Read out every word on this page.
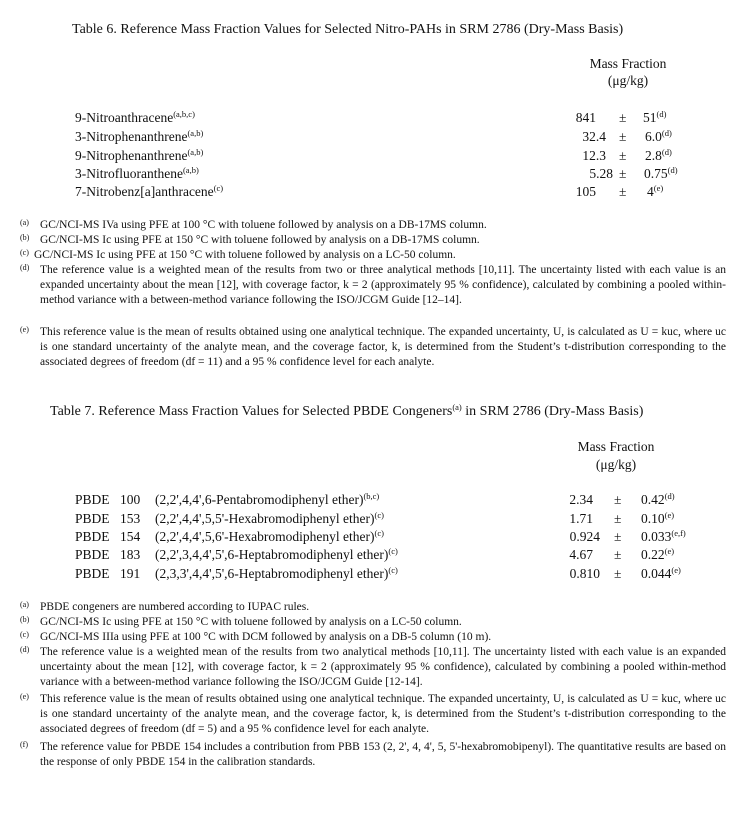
Table 6. Reference Mass Fraction Values for Selected Nitro-PAHs in SRM 2786 (Dry-Mass Basis)
Mass Fraction
(μg/kg)
9-Nitroanthracene$^{(a,b,c)}$	$841 \pm 51^{(d)}$
3-Nitrophenanthrene$^{(a,b)}$	$32.4 \pm 6.0^{(d)}$
9-Nitrophenanthrene$^{(a,b)}$	$12.3 \pm 2.8^{(d)}$
3-Nitrofluoranthene$^{(a,b)}$	$5.28 \pm 0.75^{(d)}$
7-Nitrobenz[a]anthracene$^{(c)}$	$105 \pm 4^{(e)}$
(a) GC/NCI-MS IVa using PFE at 100 °C with toluene followed by analysis on a DB-17MS column.
(b) GC/NCI-MS Ic using PFE at 150 °C with toluene followed by analysis on a DB-17MS column.
(c) GC/NCI-MS Ic using PFE at 150 °C with toluene followed by analysis on a LC-50 column.
(d) The reference value is a weighted mean of the results from two or three analytical methods [10,11]. The uncertainty listed with each value is an expanded uncertainty about the mean [12], with coverage factor, k = 2 (approximately 95 % confidence), calculated by combining a pooled within-method variance with a between-method variance following the ISO/JCGM Guide [12–14].
(e) This reference value is the mean of results obtained using one analytical technique. The expanded uncertainty, U, is calculated as U = kuc, where uc is one standard uncertainty of the analyte mean, and the coverage factor, k, is determined from the Student’s t-distribution corresponding to the associated degrees of freedom (df = 11) and a 95 % confidence level for each analyte.
Table 7. Reference Mass Fraction Values for Selected PBDE Congeners$^{(a)}$ in SRM 2786 (Dry-Mass Basis)
Mass Fraction
(μg/kg)
PBDE 100 (2,2',4,4',6-Pentabromodiphenyl ether)$^{(b,c)}$	$2.34 \pm 0.42^{(d)}$
PBDE 153 (2,2',4,4',5,5'-Hexabromodiphenyl ether)$^{(c)}$	$1.71 \pm 0.10^{(e)}$
PBDE 154 (2,2',4,4',5,6'-Hexabromodiphenyl ether)$^{(c)}$	$0.924 \pm 0.033^{(e,f)}$
PBDE 183 (2,2',3,4,4',5',6-Heptabromodiphenyl ether)$^{(c)}$	$4.67 \pm 0.22^{(e)}$
PBDE 191 (2,3,3',4,4',5',6-Heptabromodiphenyl ether)$^{(c)}$	$0.810 \pm 0.044^{(e)}$
(a) PBDE congeners are numbered according to IUPAC rules.
(b) GC/NCI-MS Ic using PFE at 150 °C with toluene followed by analysis on a LC-50 column.
(c) GC/NCI-MS IIIa using PFE at 100 °C with DCM followed by analysis on a DB-5 column (10 m).
(d) The reference value is a weighted mean of the results from two analytical methods [10,11]. The uncertainty listed with each value is an expanded uncertainty about the mean [12], with coverage factor, k = 2 (approximately 95 % confidence), calculated by combining a pooled within-method variance with a between-method variance following the ISO/JCGM Guide [12-14].
(e) This reference value is the mean of results obtained using one analytical technique. The expanded uncertainty, U, is calculated as U = kuc, where uc is one standard uncertainty of the analyte mean, and the coverage factor, k, is determined from the Student’s t-distribution corresponding to the associated degrees of freedom (df = 5) and a 95 % confidence level for each analyte.
(f) The reference value for PBDE 154 includes a contribution from PBB 153 (2, 2', 4, 4', 5, 5'-hexabromobipenyl). The quantitative results are based on the response of only PBDE 154 in the calibration standards.
